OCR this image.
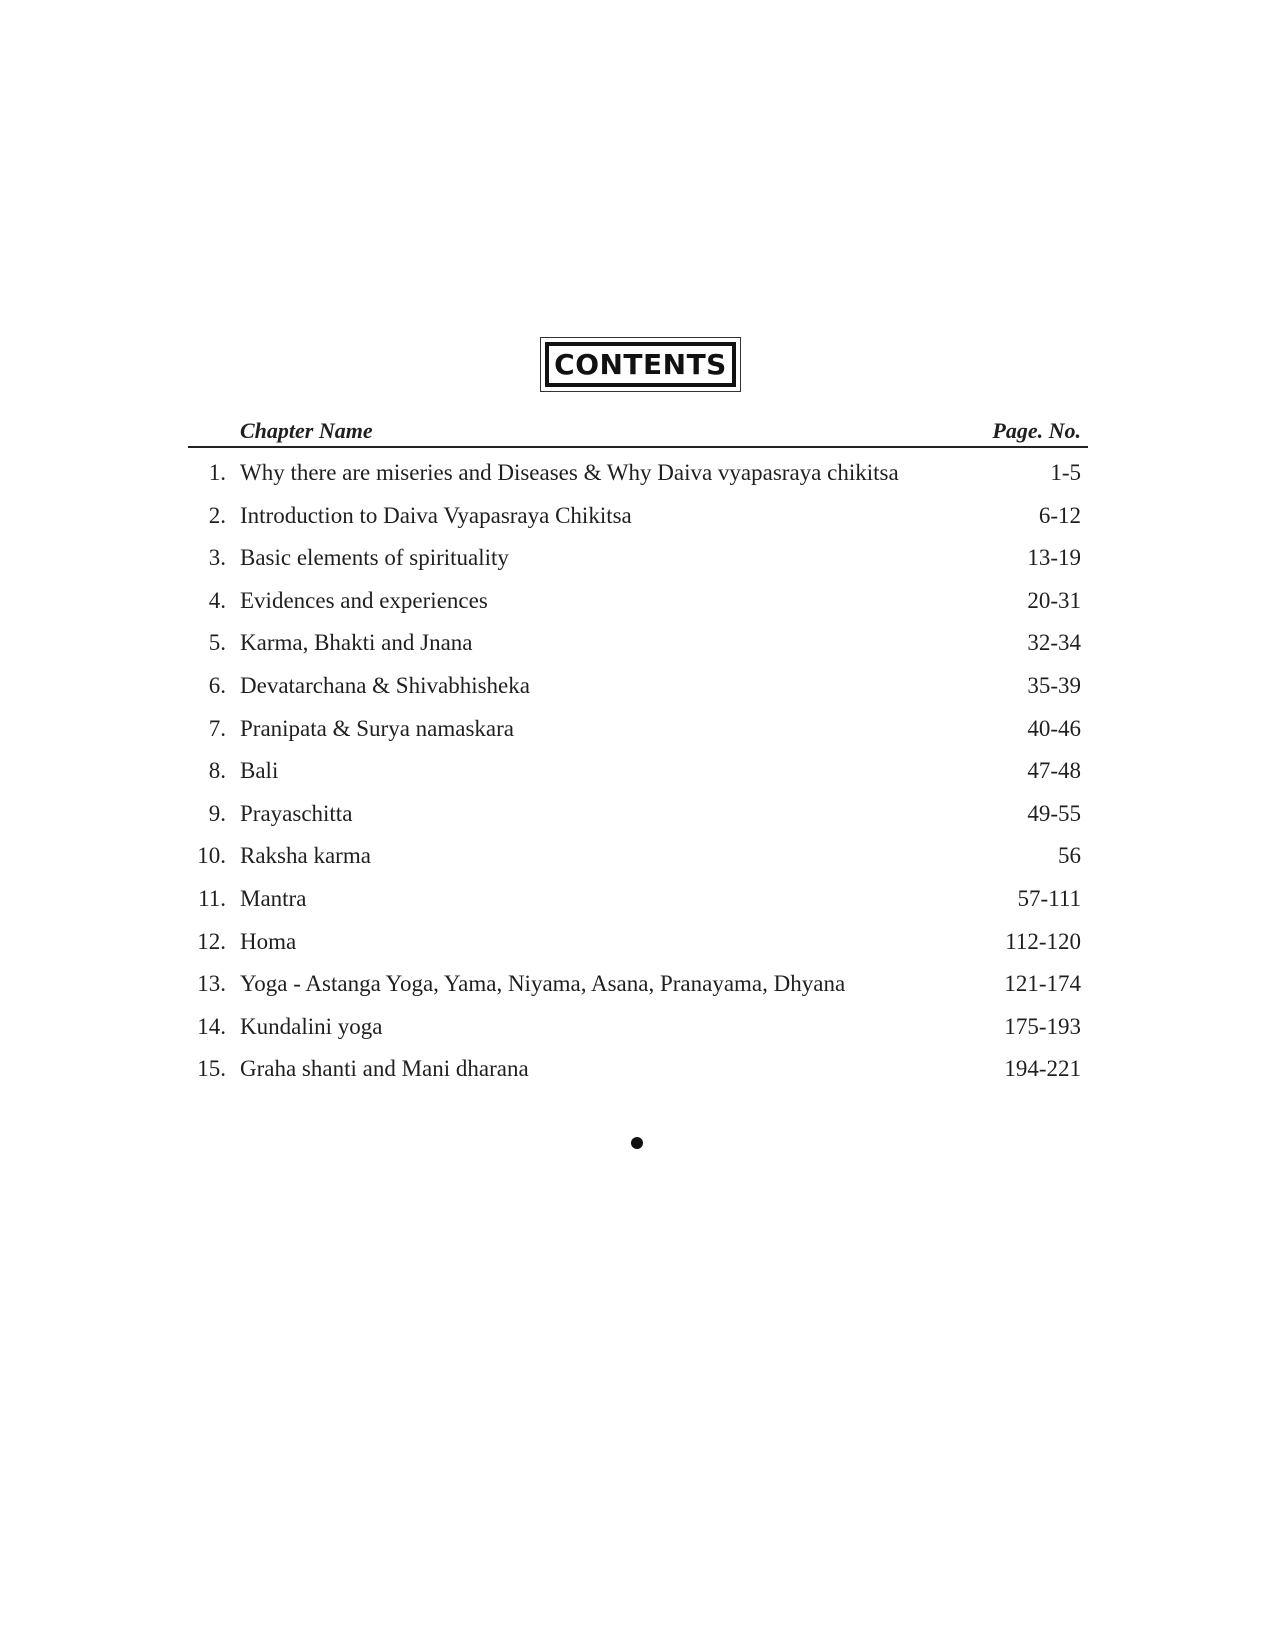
CONTENTS
Chapter Name	Page. No.
1. Why there are miseries and Diseases & Why Daiva vyapasraya chikitsa	1-5
2. Introduction to Daiva Vyapasraya Chikitsa	6-12
3. Basic elements of spirituality	13-19
4. Evidences and experiences	20-31
5. Karma, Bhakti and Jnana	32-34
6. Devatarchana & Shivabhisheka	35-39
7. Pranipata & Surya namaskara	40-46
8. Bali	47-48
9. Prayaschitta	49-55
10. Raksha karma	56
11. Mantra	57-111
12. Homa	112-120
13. Yoga - Astanga Yoga, Yama, Niyama, Asana, Pranayama, Dhyana	121-174
14. Kundalini yoga	175-193
15. Graha shanti and Mani dharana	194-221
